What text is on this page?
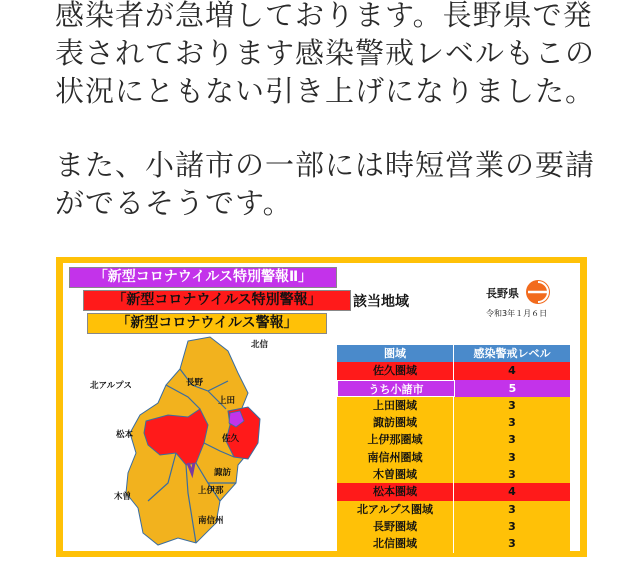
感染者が急増しております。長野県で発表されております感染警戒レベルもこの状況にともない引き上げになりました。

また、小諸市の一部には時短営業の要請がでるそうです。

「新型コロナウイルス特別警報Ⅱ」
「新型コロナウイルス特別警報」
「新型コロナウイルス警報」
該当地域
長野県
令和3年１月６日
北信
北アルプス	長野
上田
松本	佐久
諏訪
上伊那
木曽
南信州
圏域	感染警戒レベル
佐久圏域	4
うち小諸市	5
上田圏域	3
諏訪圏域	3
上伊那圏域	3
南信州圏域	3
木曽圏域	3
松本圏域	4
北アルプス圏域	3
長野圏域	3
北信圏域	3
